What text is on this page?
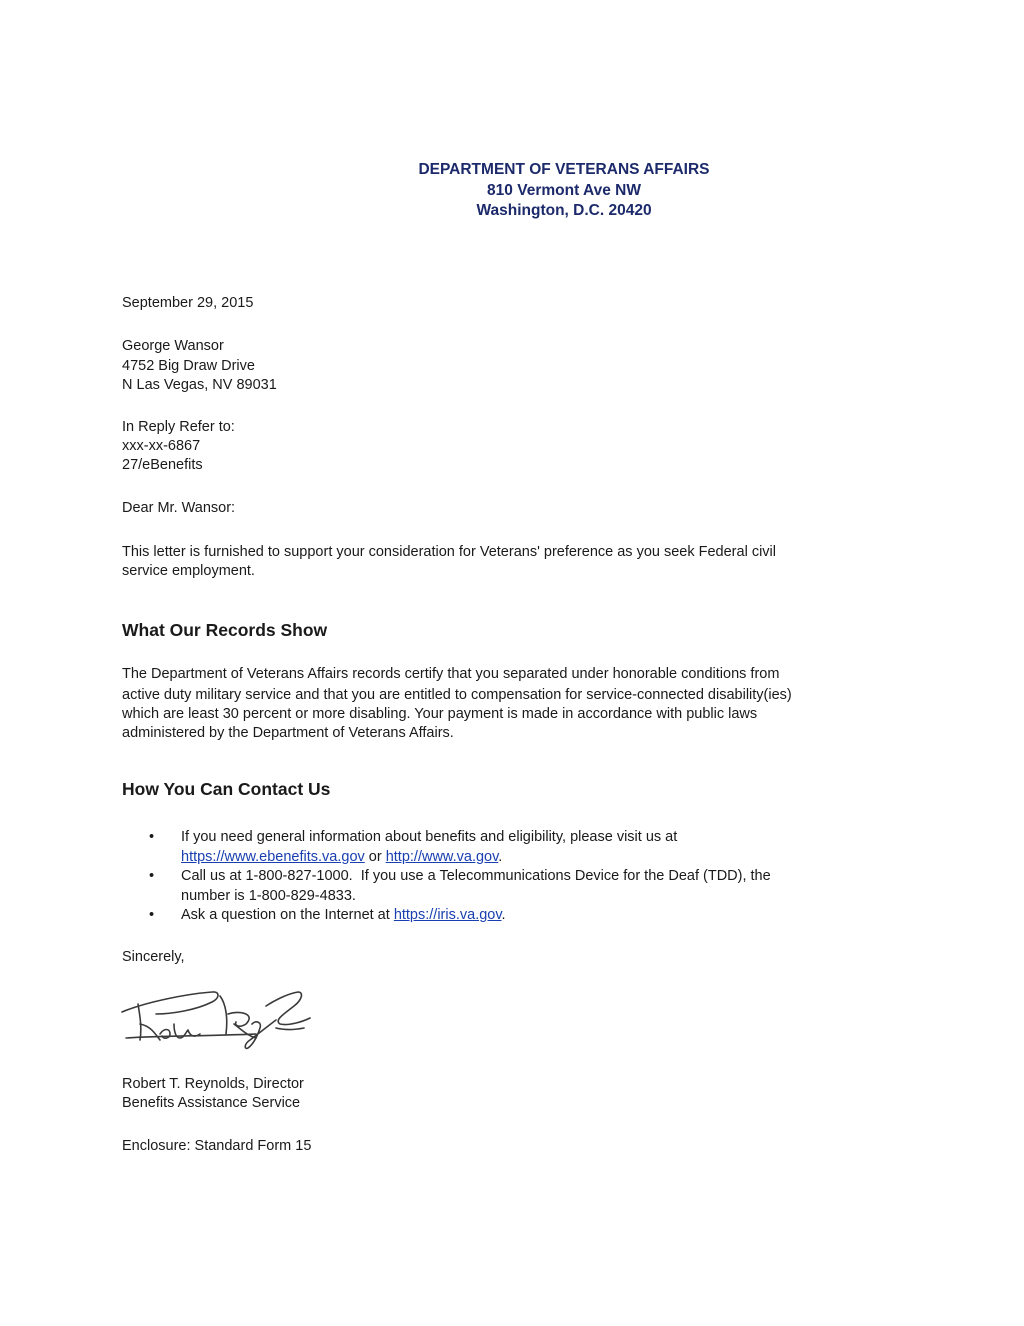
DEPARTMENT OF VETERANS AFFAIRS
810 Vermont Ave NW
Washington, D.C. 20420

September 29, 2015

George Wansor

4752 Big Draw Drive

N Las Vegas, NV 89031

In Reply Refer to:

xxx-xx-6867

27/eBenefits

Dear Mr. Wansor:

This letter is furnished to support your consideration for Veterans' preference as you seek Federal civil

service employment.

What Our Records Show

The Department of Veterans Affairs records certify that you separated under honorable conditions from

active duty military service and that you are entitled to compensation for service-connected disability(ies)

which are least 30 percent or more disabling. Your payment is made in accordance with public laws

administered by the Department of Veterans Affairs.

How You Can Contact Us
• If you need general information about benefits and eligibility, please visit us at
https://www.ebenefits.va.gov or http://www.va.gov.
• Call us at 1-800-827-1000.  If you use a Telecommunications Device for the Deaf (TDD), the
number is 1-800-829-4833.
• Ask a question on the Internet at https://iris.va.gov.

Sincerely,

Robert T. Reynolds, Director

Benefits Assistance Service

Enclosure: Standard Form 15
